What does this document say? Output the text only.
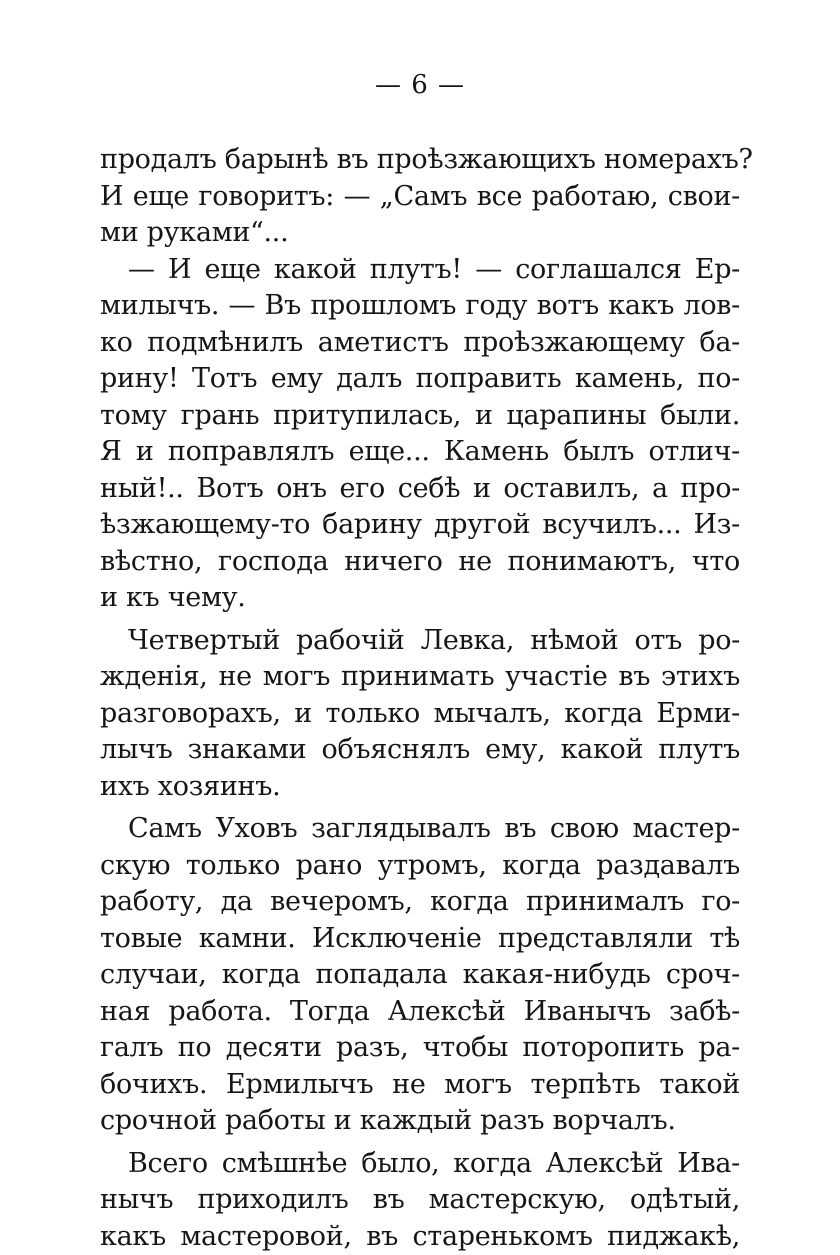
— 6 —
продалъ барынѣ въ проѣзжающихъ номерахъ?
И еще говоритъ: — „Самъ все работаю, свои-
ми руками“...
— И еще какой плутъ! — соглашался Ер-
милычъ. — Въ прошломъ году вотъ какъ лов-
ко подмѣнилъ аметистъ проѣзжающему ба-
рину! Тотъ ему далъ поправить камень, по-
тому грань притупилась, и царапины были.
Я и поправлялъ еще... Камень былъ отлич-
ный!.. Вотъ онъ его себѣ и оставилъ, а про-
ѣзжающему-то барину другой всучилъ... Из-
вѣстно, господа ничего не понимаютъ, что
и къ чему.
Четвертый рабочій Левка, нѣмой отъ ро-
жденія, не могъ принимать участіе въ этихъ
разговорахъ, и только мычалъ, когда Ерми-
лычъ знаками объяснялъ ему, какой плутъ
ихъ хозяинъ.
Самъ Уховъ заглядывалъ въ свою мастер-
скую только рано утромъ, когда раздавалъ
работу, да вечеромъ, когда принималъ го-
товые камни. Исключеніе представляли тѣ
случаи, когда попадала какая-нибудь сроч-
ная работа. Тогда Алексѣй Иванычъ забѣ-
галъ по десяти разъ, чтобы поторопить ра-
бочихъ. Ермилычъ не могъ терпѣть такой
срочной работы и каждый разъ ворчалъ.
Всего смѣшнѣе было, когда Алексѣй Ива-
нычъ приходилъ въ мастерскую, одѣтый,
какъ мастеровой, въ старенькомъ пиджакѣ,
